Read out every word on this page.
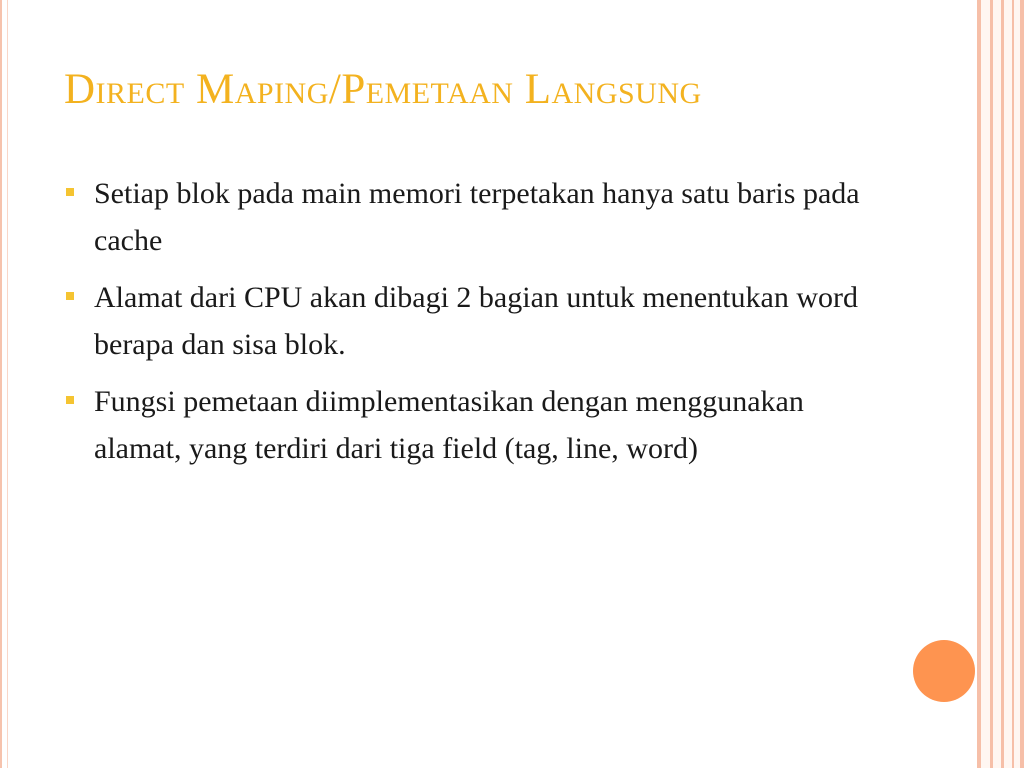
Direct Maping/Pemetaan Langsung
Setiap blok pada main memori terpetakan hanya satu baris pada cache
Alamat dari CPU akan dibagi 2 bagian untuk menentukan word berapa dan sisa blok.
Fungsi pemetaan diimplementasikan dengan menggunakan alamat, yang terdiri dari tiga field (tag, line, word)
